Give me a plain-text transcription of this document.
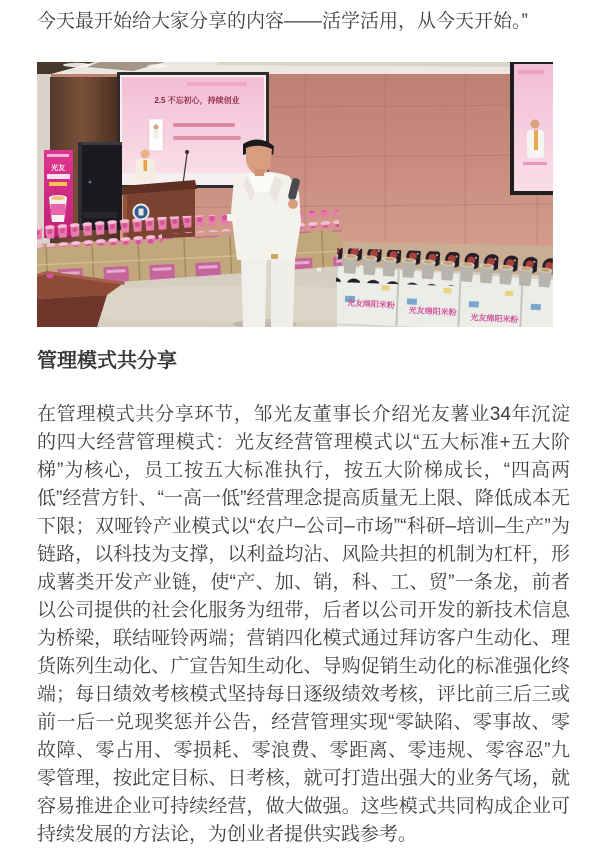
今天最开始给大家分享的内容——活学活用，从今天开始。”

2.5 不忘初心，持续创业
光友
光友绵阳米粉
光友绵阳米粉
光友绵阳米粉
管理模式共分享

在管理模式共分享环节，邹光友董事长介绍光友薯业34年沉淀的四大经营管理模式：光友经营管理模式以“五大标准+五大阶梯”为核心，员工按五大标准执行，按五大阶梯成长，“四高两低”经营方针、“一高一低”经营理念提高质量无上限、降低成本无下限；双哑铃产业模式以“农户–公司–市场”“科研–培训–生产”为链路，以科技为支撑，以利益均沾、风险共担的机制为杠杆，形成薯类开发产业链，使“产、加、销，科、工、贸”一条龙，前者以公司提供的社会化服务为纽带，后者以公司开发的新技术信息为桥梁，联结哑铃两端；营销四化模式通过拜访客户生动化、理货陈列生动化、广宣告知生动化、导购促销生动化的标准强化终端；每日绩效考核模式坚持每日逐级绩效考核，评比前三后三或前一后一兑现奖惩并公告，经营管理实现“零缺陷、零事故、零故障、零占用、零损耗、零浪费、零距离、零违规、零容忍”九零管理，按此定目标、日考核，就可打造出强大的业务气场，就容易推进企业可持续经营，做大做强。这些模式共同构成企业可持续发展的方法论，为创业者提供实践参考。
